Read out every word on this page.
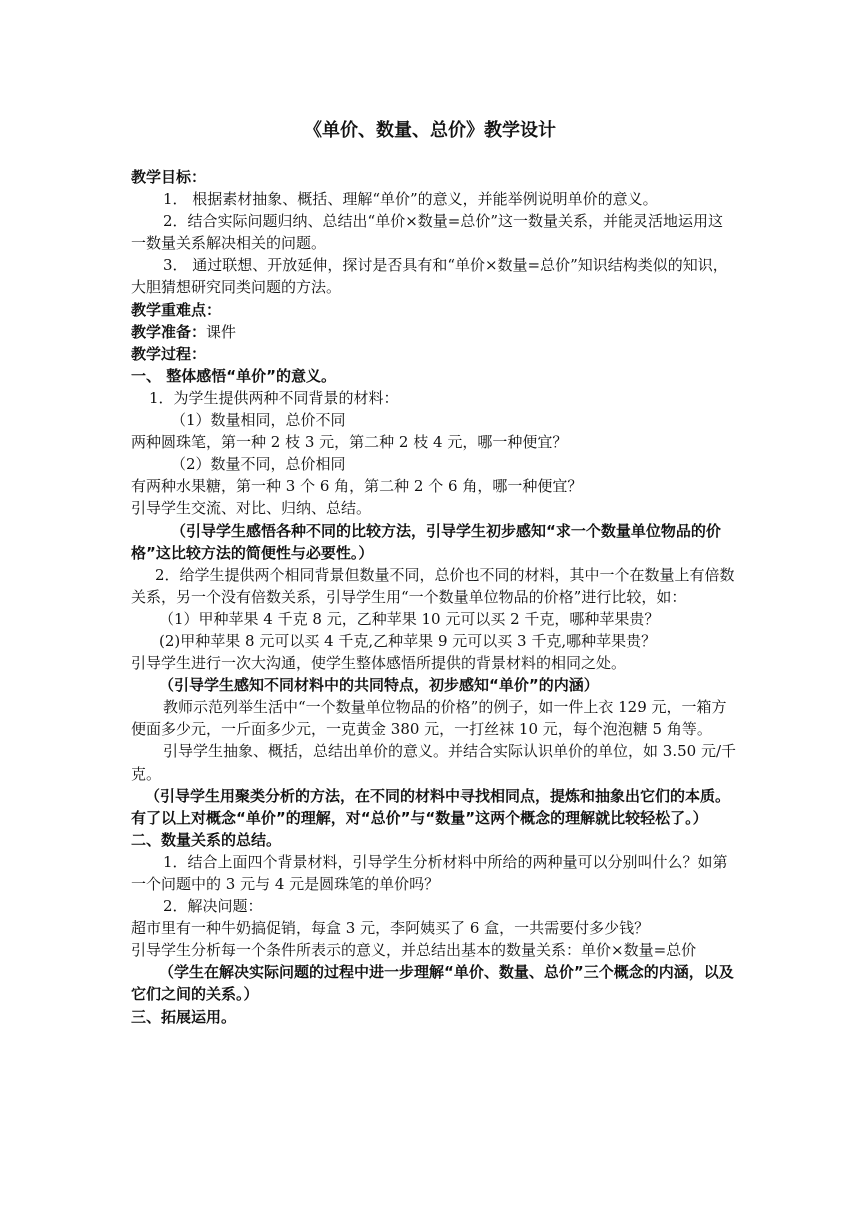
《单价、数量、总价》教学设计

教学目标：

1． 根据素材抽象、概括、理解“单价”的意义，并能举例说明单价的意义。

2．结合实际问题归纳、总结出“单价×数量=总价”这一数量关系，并能灵活地运用这一数量关系解决相关的问题。

3． 通过联想、开放延伸，探讨是否具有和“单价×数量=总价”知识结构类似的知识，大胆猜想研究同类问题的方法。

教学重难点：

教学准备：课件

教学过程：

一、 整体感悟“单价”的意义。

1．为学生提供两种不同背景的材料：

（1）数量相同，总价不同

两种圆珠笔，第一种 2 枝 3 元，第二种 2 枝 4 元，哪一种便宜？

（2）数量不同，总价相同

有两种水果糖，第一种 3 个 6 角，第二种 2 个 6 角，哪一种便宜？

引导学生交流、对比、归纳、总结。

（引导学生感悟各种不同的比较方法，引导学生初步感知“求一个数量单位物品的价格”这比较方法的简便性与必要性。）

2．给学生提供两个相同背景但数量不同，总价也不同的材料，其中一个在数量上有倍数关系，另一个没有倍数关系，引导学生用“一个数量单位物品的价格”进行比较，如：

（1）甲种苹果 4 千克 8 元，乙种苹果 10 元可以买 2 千克，哪种苹果贵？

(2)甲种苹果 8 元可以买 4 千克,乙种苹果 9 元可以买 3 千克,哪种苹果贵？

引导学生进行一次大沟通，使学生整体感悟所提供的背景材料的相同之处。

（引导学生感知不同材料中的共同特点，初步感知“单价”的内涵）

教师示范列举生活中“一个数量单位物品的价格”的例子，如一件上衣 129 元，一箱方便面多少元，一斤面多少元，一克黄金 380 元，一打丝袜 10 元，每个泡泡糖 5 角等。

引导学生抽象、概括，总结出单价的意义。并结合实际认识单价的单位，如 3.50 元/千克。

（引导学生用聚类分析的方法，在不同的材料中寻找相同点，提炼和抽象出它们的本质。有了以上对概念“单价”的理解，对“总价”与“数量”这两个概念的理解就比较轻松了。）

二、数量关系的总结。

1．结合上面四个背景材料，引导学生分析材料中所给的两种量可以分别叫什么？如第一个问题中的 3 元与 4 元是圆珠笔的单价吗？

2．解决问题：

超市里有一种牛奶搞促销，每盒 3 元，李阿姨买了 6 盒，一共需要付多少钱？

引导学生分析每一个条件所表示的意义，并总结出基本的数量关系：单价×数量=总价

（学生在解决实际问题的过程中进一步理解“单价、数量、总价”三个概念的内涵，以及它们之间的关系。）

三、拓展运用。
